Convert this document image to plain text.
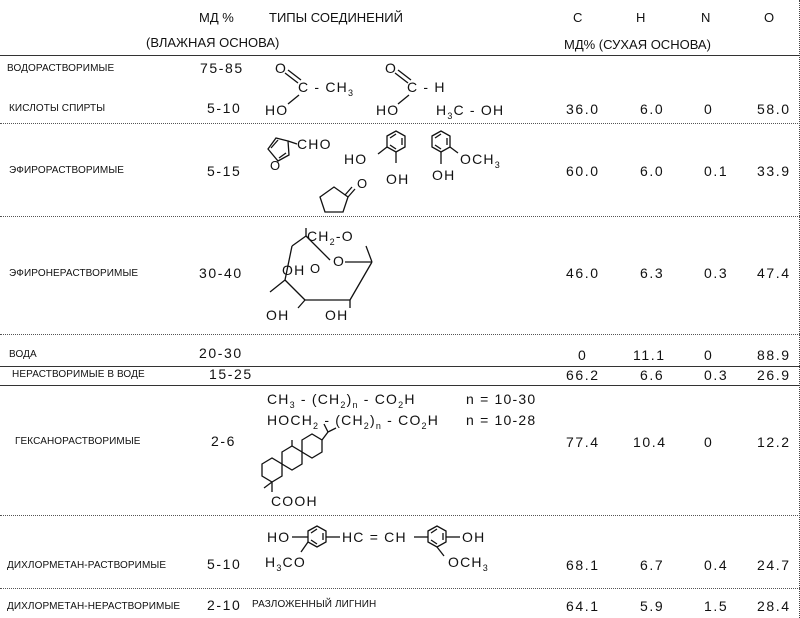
МД %	ТИПЫ СОЕДИНЕНИЙ	C	H	N	O
(ВЛАЖНАЯ ОСНОВА)	МД% (СУХАЯ ОСНОВА)
ВОДОРАСТВОРИМЫЕ	75-85
КИСЛОТЫ СПИРТЫ	5-10	36.0	6.0	0	58.0
O
C - $CH_3$
HO
O
C - H
HO	$H_3C$ - OH
ЭФИРОРАСТВОРИМЫЕ	5-15	60.0	6.0	0.1 33.9
O
CHO
HO
OH
$OCH_3$
OH
O
ЭФИРОНЕРАСТВОРИМЫЕ	30-40	46.0	6.3	0.3 47.4
O
$CH_2-O$
O
OH
OH	OH
ВОДА	20-30	0	11.1	0	88.9
НЕРАСТВОРИМЫЕ В ВОДЕ	15-25	66.2	6.6	0.3 26.9
ГЕКСАНОРАСТВОРИМЫЕ	2-6	77.4 10.4	0	12.2
$CH_3 - (CH_2)_n - CO_2H$	n = 10-30
$HOCH_2 - (CH_2)_n - CO_2H$ n = 10-28
COOH
ДИХЛОРМЕТАН-РАСТВОРИМЫЕ	5-10	68.1	6.7	0.4 24.7
HO	HC = CH	OH
$H_3CO$	$OCH_3$
ДИХЛОРМЕТАН-НЕРАСТВОРИМЫЕ 2-10 РАЗЛОЖЕННЫЙ ЛИГНИН	64.1	5.9	1.5 28.4
